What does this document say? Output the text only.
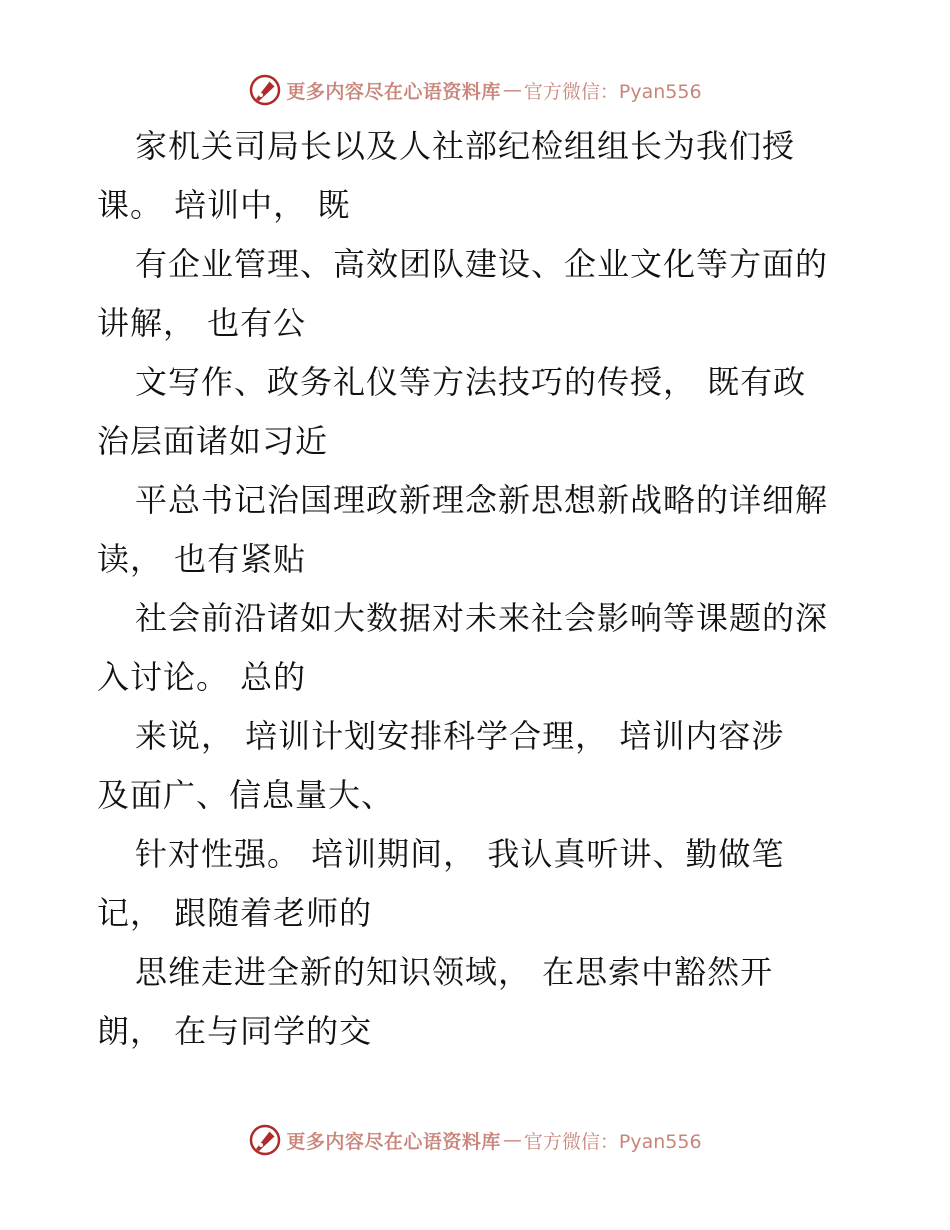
更多内容尽在心语资料库 — 官方微信：Pyan556
家机关司局长以及人社部纪检组组长为我们授
课。 培训中， 既
有企业管理、高效团队建设、企业文化等方面的
讲解， 也有公
文写作、政务礼仪等方法技巧的传授， 既有政
治层面诸如习近
平总书记治国理政新理念新思想新战略的详细解
读， 也有紧贴
社会前沿诸如大数据对未来社会影响等课题的深
入讨论。 总的
来说， 培训计划安排科学合理， 培训内容涉
及面广、信息量大、
针对性强。 培训期间， 我认真听讲、勤做笔
记， 跟随着老师的
思维走进全新的知识领域， 在思索中豁然开
朗， 在与同学的交
更多内容尽在心语资料库 — 官方微信：Pyan556
